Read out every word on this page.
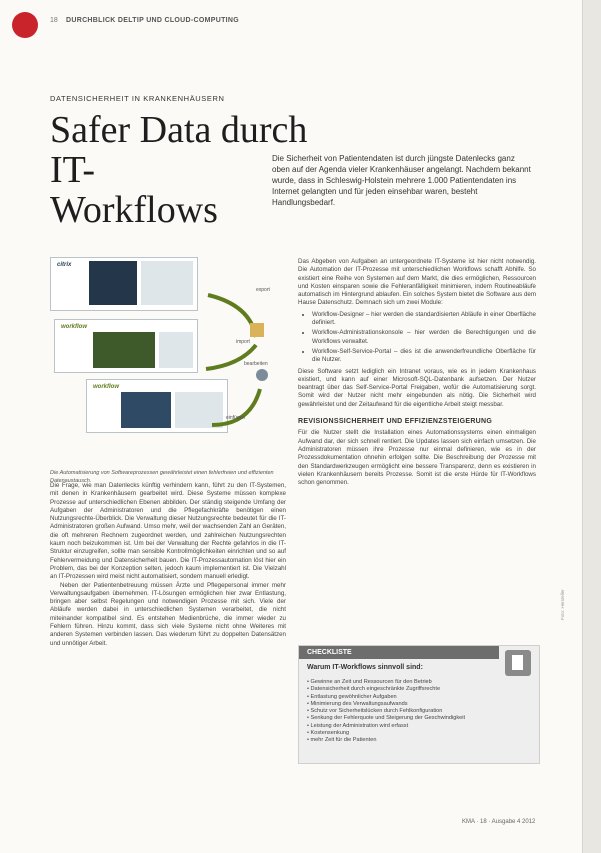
18 DURCHBLICK DELTIP UND CLOUD-COMPUTING
DATENSICHERHEIT IN KRANKENHÄUSERN
Safer Data durch IT-
Workflows
Die Sicherheit von Patientendaten ist durch jüngste Datenlecks ganz oben auf der Agenda vieler Krankenhäuser angelangt. Nachdem bekannt wurde, dass in Schleswig-Holstein mehrere 1.000 Patientendaten ins Internet gelangten und für jeden einsehbar waren, besteht Handlungsbedarf.
citrix
workflow
workflow
export
import
bearbeiten
einfügen
Die Automatisierung von Softwareprozessen gewährleistet einen fehlerfreien und effizienten Datenaustausch.

Die Frage, wie man Datenlecks künftig verhindern kann, führt zu den IT-Systemen, mit denen in Krankenhäusern gearbeitet wird. Diese Systeme müssen komplexe Prozesse auf unterschiedlichen Ebenen abbilden. Der ständig steigende Umfang der Aufgaben der Administratoren und die Pflegefachkräfte benötigen einen Nutzungsrechte-Überblick. Die Verwaltung dieser Nutzungsrechte bedeutet für die IT-Administratoren großen Aufwand. Umso mehr, weil der wachsenden Zahl an Geräten, die oft mehreren Rechnern zugeordnet werden, und zahlreichen Nutzungsrechten kaum noch beizukommen ist. Um bei der Verwaltung der Rechte gefahrlos in die IT-Struktur einzugreifen, sollte man sensible Kontrollmöglichkeiten einrichten und so auf Fehlervermeidung und Datensicherheit bauen. Die IT-Prozessautomation löst hier ein Problem, das bei der Konzeption selten, jedoch kaum implementiert ist. Die Vielzahl an IT-Prozessen wird meist nicht automatisiert, sondern manuell erledigt.

Neben der Patientenbetreuung müssen Ärzte und Pflegepersonal immer mehr Verwaltungsaufgaben übernehmen. IT-Lösungen ermöglichen hier zwar Entlastung, bringen aber selbst Regelungen und notwendigen Prozesse mit sich. Viele der Abläufe werden dabei in unterschiedlichen Systemen verarbeitet, die nicht miteinander kompatibel sind. Es entstehen Medienbrüche, die immer wieder zu Fehlern führen. Hinzu kommt, dass sich viele Systeme nicht ohne Weiteres mit anderen Systemen verbinden lassen. Das wiederum führt zu doppelten Datensätzen und unnötiger Arbeit.

Das Abgeben von Aufgaben an untergeordnete IT-Systeme ist hier nicht notwendig. Die Automation der IT-Prozesse mit unterschiedlichen Workflows schafft Abhilfe. So existiert eine Reihe von Systemen auf dem Markt, die dies ermöglichen, Ressourcen und Kosten einsparen sowie die Fehleranfälligkeit minimieren, indem Routineabläufe automatisch im Hintergrund ablaufen. Ein solches System bietet die Software aus dem Hause Datenschutz. Demnach sich um zwei Module:

• Workflow-Designer – hier werden die standardisierten Abläufe in einer Oberfläche definiert.
• Workflow-Administrationskonsole – hier werden die Berechtigungen und die Workflows verwaltet.
• Workflow-Self-Service-Portal – dies ist die anwenderfreundliche Oberfläche für die Nutzer.

Diese Software setzt lediglich ein Intranet voraus, wie es in jedem Krankenhaus existiert, und kann auf einer Microsoft-SQL-Datenbank aufsetzen. Der Nutzer beantragt über das Self-Service-Portal Freigaben, wofür die Automatisierung sorgt. Somit wird der Nutzer nicht mehr eingebunden als nötig. Die Sicherheit wird gewährleistet und der Zeitaufwand für die eigentliche Arbeit steigt messbar.

REVISIONSSICHERHEIT UND EFFIZIENZSTEIGERUNG

Für die Nutzer stellt die Installation eines Automationssystems einen einmaligen Aufwand dar, der sich schnell rentiert. Die Updates lassen sich einfach umsetzen. Die Administratoren müssen ihre Prozesse nur einmal definieren, wie es in der Prozessdokumentation ohnehin erfolgen sollte. Die Beschreibung der Prozesse mit den Standardwerkzeugen ermöglicht eine bessere Transparenz, denn es existieren in vielen Krankenhäusern bereits Prozesse. Somit ist die erste Hürde für IT-Workflows schon genommen.

CHECKLISTE
Warum IT-Workflows sinnvoll sind:
• Gewinne an Zeit und Ressourcen für den Betrieb
• Datensicherheit durch eingeschränkte Zugriffsrechte
• Entlastung gewöhnlicher Aufgaben
• Minimierung des Verwaltungsaufwands
• Schutz vor Sicherheitslücken durch Fehlkonfiguration
• Senkung der Fehlerquote und Steigerung der Geschwindigkeit
• Leistung der Administration wird erfasst
• Kostensenkung
• mehr Zeit für die Patienten
Foto: Hersteller
KMA · 18 · Ausgabe 4 2012
